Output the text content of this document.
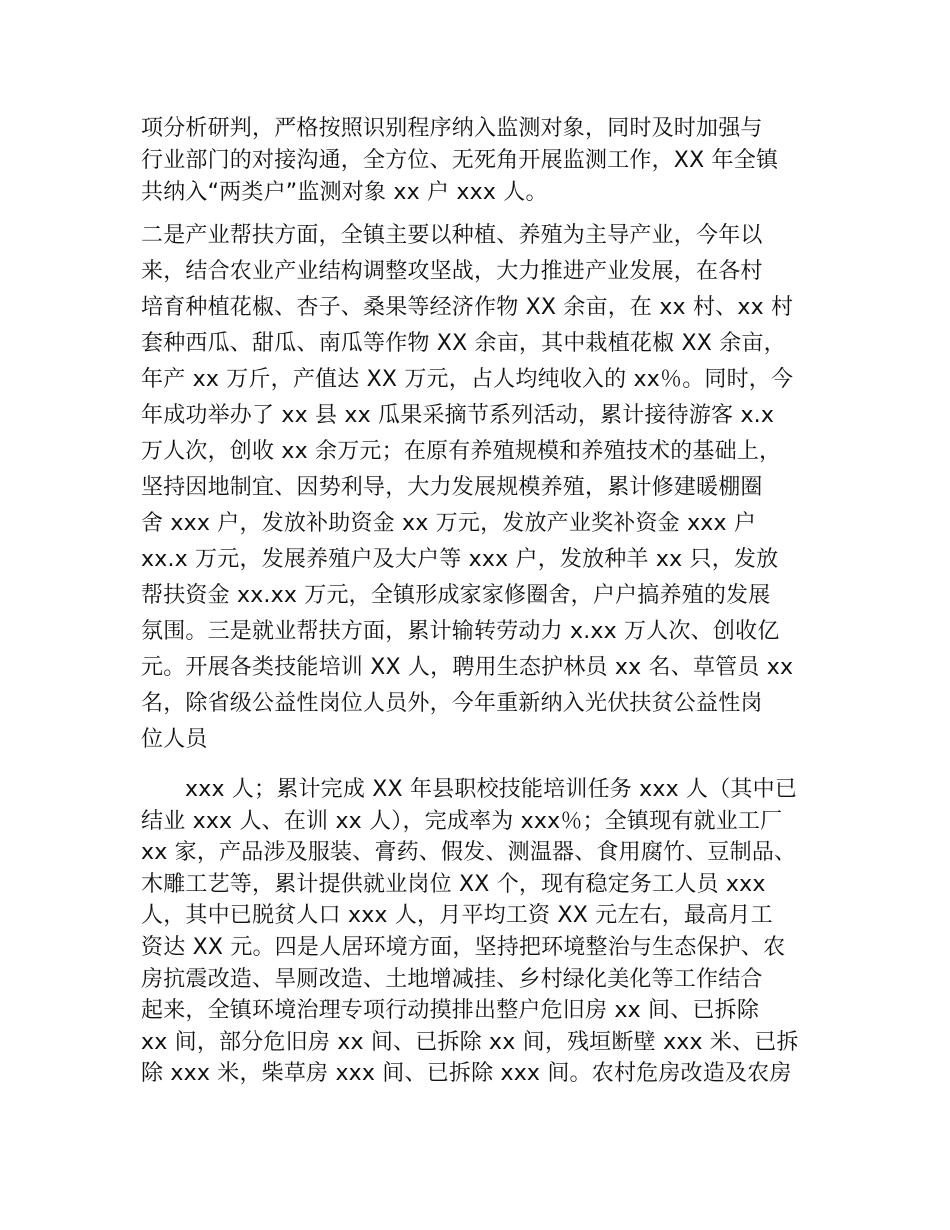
项分析研判，严格按照识别程序纳入监测对象，同时及时加强与
行业部门的对接沟通，全方位、无死角开展监测工作，XX 年全镇
共纳入“两类户”监测对象 xx 户 xxx 人。
二是产业帮扶方面，全镇主要以种植、养殖为主导产业，今年以
来，结合农业产业结构调整攻坚战，大力推进产业发展，在各村
培育种植花椒、杏子、桑果等经济作物 XX 余亩，在 xx 村、xx 村
套种西瓜、甜瓜、南瓜等作物 XX 余亩，其中栽植花椒 XX 余亩，
年产 xx 万斤，产值达 XX 万元，占人均纯收入的 xx％。同时，今
年成功举办了 xx 县 xx 瓜果采摘节系列活动，累计接待游客 x.x
万人次，创收 xx 余万元；在原有养殖规模和养殖技术的基础上，
坚持因地制宜、因势利导，大力发展规模养殖，累计修建暖棚圈
舍 xxx 户，发放补助资金 xx 万元，发放产业奖补资金 xxx 户
xx.x 万元，发展养殖户及大户等 xxx 户，发放种羊 xx 只，发放
帮扶资金 xx.xx 万元，全镇形成家家修圈舍，户户搞养殖的发展
氛围。三是就业帮扶方面，累计输转劳动力 x.xx 万人次、创收亿
元。开展各类技能培训 XX 人，聘用生态护林员 xx 名、草管员 xx
名，除省级公益性岗位人员外，今年重新纳入光伏扶贫公益性岗
位人员
xxx 人；累计完成 XX 年县职校技能培训任务 xxx 人（其中已
结业 xxx 人、在训 xx 人），完成率为 xxx％；全镇现有就业工厂
xx 家，产品涉及服装、膏药、假发、测温器、食用腐竹、豆制品、
木雕工艺等，累计提供就业岗位 XX 个，现有稳定务工人员 xxx
人，其中已脱贫人口 xxx 人，月平均工资 XX 元左右，最高月工
资达 XX 元。四是人居环境方面，坚持把环境整治与生态保护、农
房抗震改造、旱厕改造、土地增减挂、乡村绿化美化等工作结合
起来，全镇环境治理专项行动摸排出整户危旧房 xx 间、已拆除
xx 间，部分危旧房 xx 间、已拆除 xx 间，残垣断壁 xxx 米、已拆
除 xxx 米，柴草房 xxx 间、已拆除 xxx 间。农村危房改造及农房
